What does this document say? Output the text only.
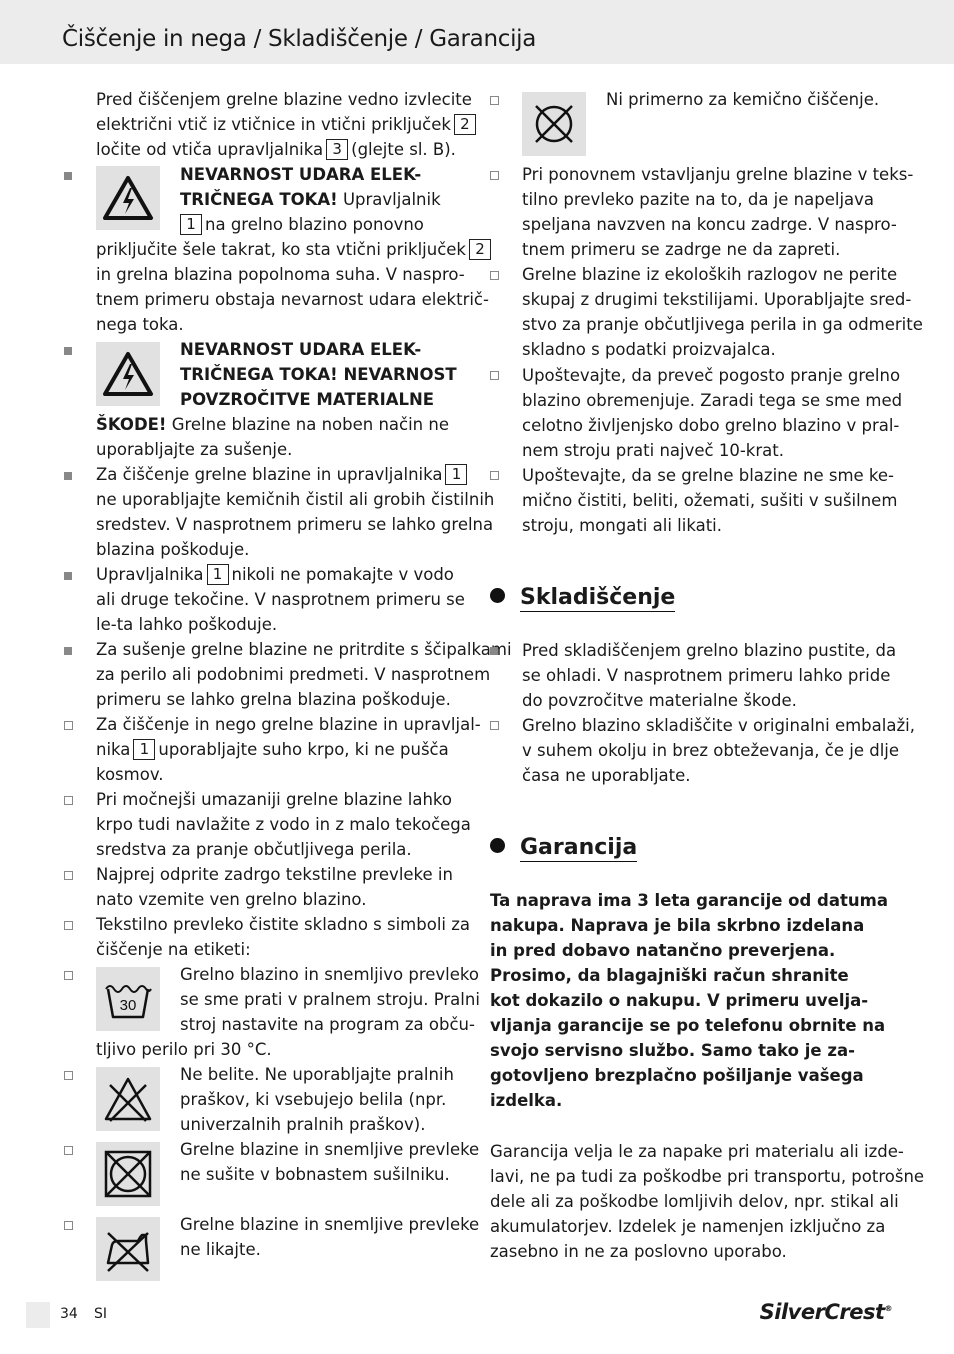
Čiščenje in nega / Skladiščenje / Garancija

Pred čiščenjem grelne blazine vedno izvlecite
električni vtič iz vtičnice in vtični priključek 2
ločite od vtiča upravljalnika 3 (glejte sl. B).

NEVARNOST UDARA ELEK-
TRIČNEGA TOKA! Upravljalnik
1 na grelno blazino ponovno

priključite šele takrat, ko sta vtični priključek 2
in grelna blazina popolnoma suha. V naspro-
tnem primeru obstaja nevarnost udara električ-
nega toka.

NEVARNOST UDARA ELEK-
TRIČNEGA TOKA! NEVARNOST
POVZROČITVE MATERIALNE

ŠKODE! Grelne blazine na noben način ne
uporabljajte za sušenje.

Za čiščenje grelne blazine in upravljalnika 1
ne uporabljajte kemičnih čistil ali grobih čistilnih
sredstev. V nasprotnem primeru se lahko grelna
blazina poškoduje.

Upravljalnika 1 nikoli ne pomakajte v vodo
ali druge tekočine. V nasprotnem primeru se
le-ta lahko poškoduje.

Za sušenje grelne blazine ne pritrdite s ščipalkami
za perilo ali podobnimi predmeti. V nasprotnem
primeru se lahko grelna blazina poškoduje.

Za čiščenje in nego grelne blazine in upravljal-
nika 1 uporabljajte suho krpo, ki ne pušča
kosmov.

Pri močnejši umazaniji grelne blazine lahko
krpo tudi navlažite z vodo in z malo tekočega
sredstva za pranje občutljivega perila.

Najprej odprite zadrgo tekstilne prevleke in
nato vzemite ven grelno blazino.

Tekstilno prevleko čistite skladno s simboli za
čiščenje na etiketi:

30

Grelno blazino in snemljivo prevleko
se sme prati v pralnem stroju. Pralni
stroj nastavite na program za obču-

tljivo perilo pri 30 °C.

Ne belite. Ne uporabljajte pralnih
praškov, ki vsebujejo belila (npr.
univerzalnih pralnih praškov).

Grelne blazine in snemljive prevleke
ne sušite v bobnastem sušilniku.

Grelne blazine in snemljive prevleke
ne likajte.

Ni primerno za kemično čiščenje.

Pri ponovnem vstavljanju grelne blazine v teks-
tilno prevleko pazite na to, da je napeljava
speljana navzven na koncu zadrge. V naspro-
tnem primeru se zadrge ne da zapreti.

Grelne blazine iz ekoloških razlogov ne perite
skupaj z drugimi tekstilijami. Uporabljajte sred-
stvo za pranje občutljivega perila in ga odmerite
skladno s podatki proizvajalca.

Upoštevajte, da preveč pogosto pranje grelno
blazino obremenjuje. Zaradi tega se sme med
celotno življenjsko dobo grelno blazino v pral-
nem stroju prati največ 10-krat.

Upoštevajte, da se grelne blazine ne sme ke-
mično čistiti, beliti, ožemati, sušiti v sušilnem
stroju, mongati ali likati.

Skladiščenje

Pred skladiščenjem grelno blazino pustite, da
se ohladi. V nasprotnem primeru lahko pride
do povzročitve materialne škode.

Grelno blazino skladiščite v originalni embalaži,
v suhem okolju in brez obteževanja, če je dlje
časa ne uporabljate.

Garancija

Ta naprava ima 3 leta garancije od datuma
nakupa. Naprava je bila skrbno izdelana
in pred dobavo natančno preverjena.
Prosimo, da blagajniški račun shranite
kot dokazilo o nakupu. V primeru uvelja-
vljanja garancije se po telefonu obrnite na
svojo servisno službo. Samo tako je za-
gotovljeno brezplačno pošiljanje vašega
izdelka.

Garancija velja le za napake pri materialu ali izde-
lavi, ne pa tudi za poškodbe pri transportu, potrošne
dele ali za poškodbe lomljivih delov, npr. stikal ali
akumulatorjev. Izdelek je namenjen izključno za
zasebno in ne za poslovno uporabo.

34 SI	SilverCrest®
